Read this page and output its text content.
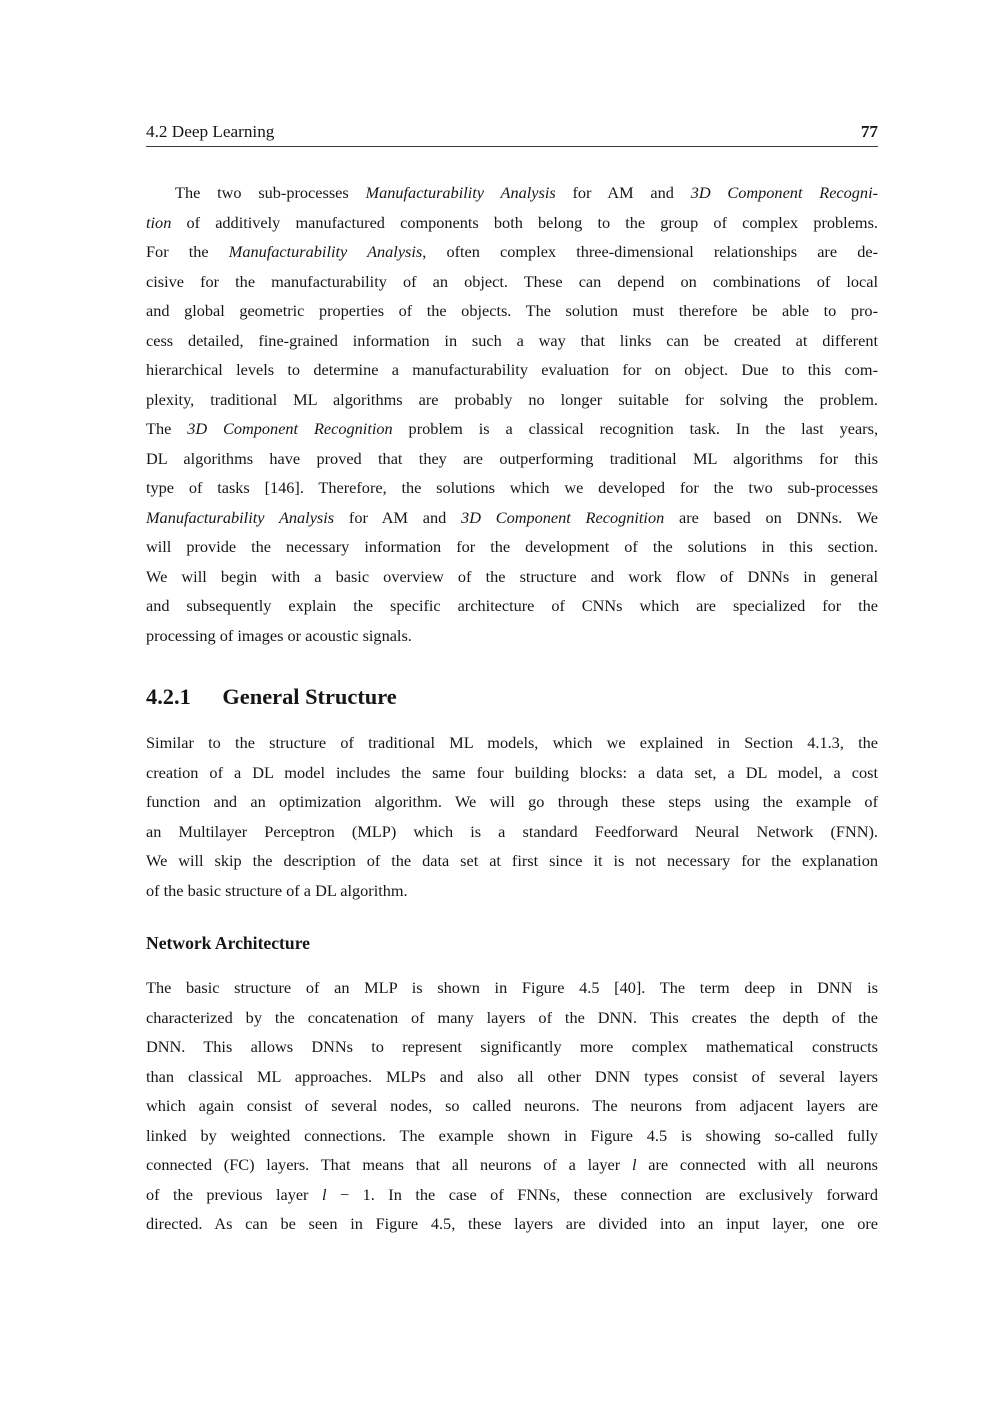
4.2 Deep Learning	77
The two sub-processes Manufacturability Analysis for AM and 3D Component Recogni-
tion of additively manufactured components both belong to the group of complex problems.
For the Manufacturability Analysis, often complex three-dimensional relationships are de-
cisive for the manufacturability of an object. These can depend on combinations of local
and global geometric properties of the objects. The solution must therefore be able to pro-
cess detailed, fine-grained information in such a way that links can be created at different
hierarchical levels to determine a manufacturability evaluation for on object. Due to this com-
plexity, traditional ML algorithms are probably no longer suitable for solving the problem.
The 3D Component Recognition problem is a classical recognition task. In the last years,
DL algorithms have proved that they are outperforming traditional ML algorithms for this
type of tasks [146]. Therefore, the solutions which we developed for the two sub-processes
Manufacturability Analysis for AM and 3D Component Recognition are based on DNNs. We
will provide the necessary information for the development of the solutions in this section.
We will begin with a basic overview of the structure and work flow of DNNs in general
and subsequently explain the specific architecture of CNNs which are specialized for the
processing of images or acoustic signals.
4.2.1 General Structure
Similar to the structure of traditional ML models, which we explained in Section 4.1.3, the
creation of a DL model includes the same four building blocks: a data set, a DL model, a cost
function and an optimization algorithm. We will go through these steps using the example of
an Multilayer Perceptron (MLP) which is a standard Feedforward Neural Network (FNN).
We will skip the description of the data set at first since it is not necessary for the explanation
of the basic structure of a DL algorithm.
Network Architecture
The basic structure of an MLP is shown in Figure 4.5 [40]. The term deep in DNN is
characterized by the concatenation of many layers of the DNN. This creates the depth of the
DNN. This allows DNNs to represent significantly more complex mathematical constructs
than classical ML approaches. MLPs and also all other DNN types consist of several layers
which again consist of several nodes, so called neurons. The neurons from adjacent layers are
linked by weighted connections. The example shown in Figure 4.5 is showing so-called fully
connected (FC) layers. That means that all neurons of a layer l are connected with all neurons
of the previous layer l − 1. In the case of FNNs, these connection are exclusively forward
directed. As can be seen in Figure 4.5, these layers are divided into an input layer, one ore
